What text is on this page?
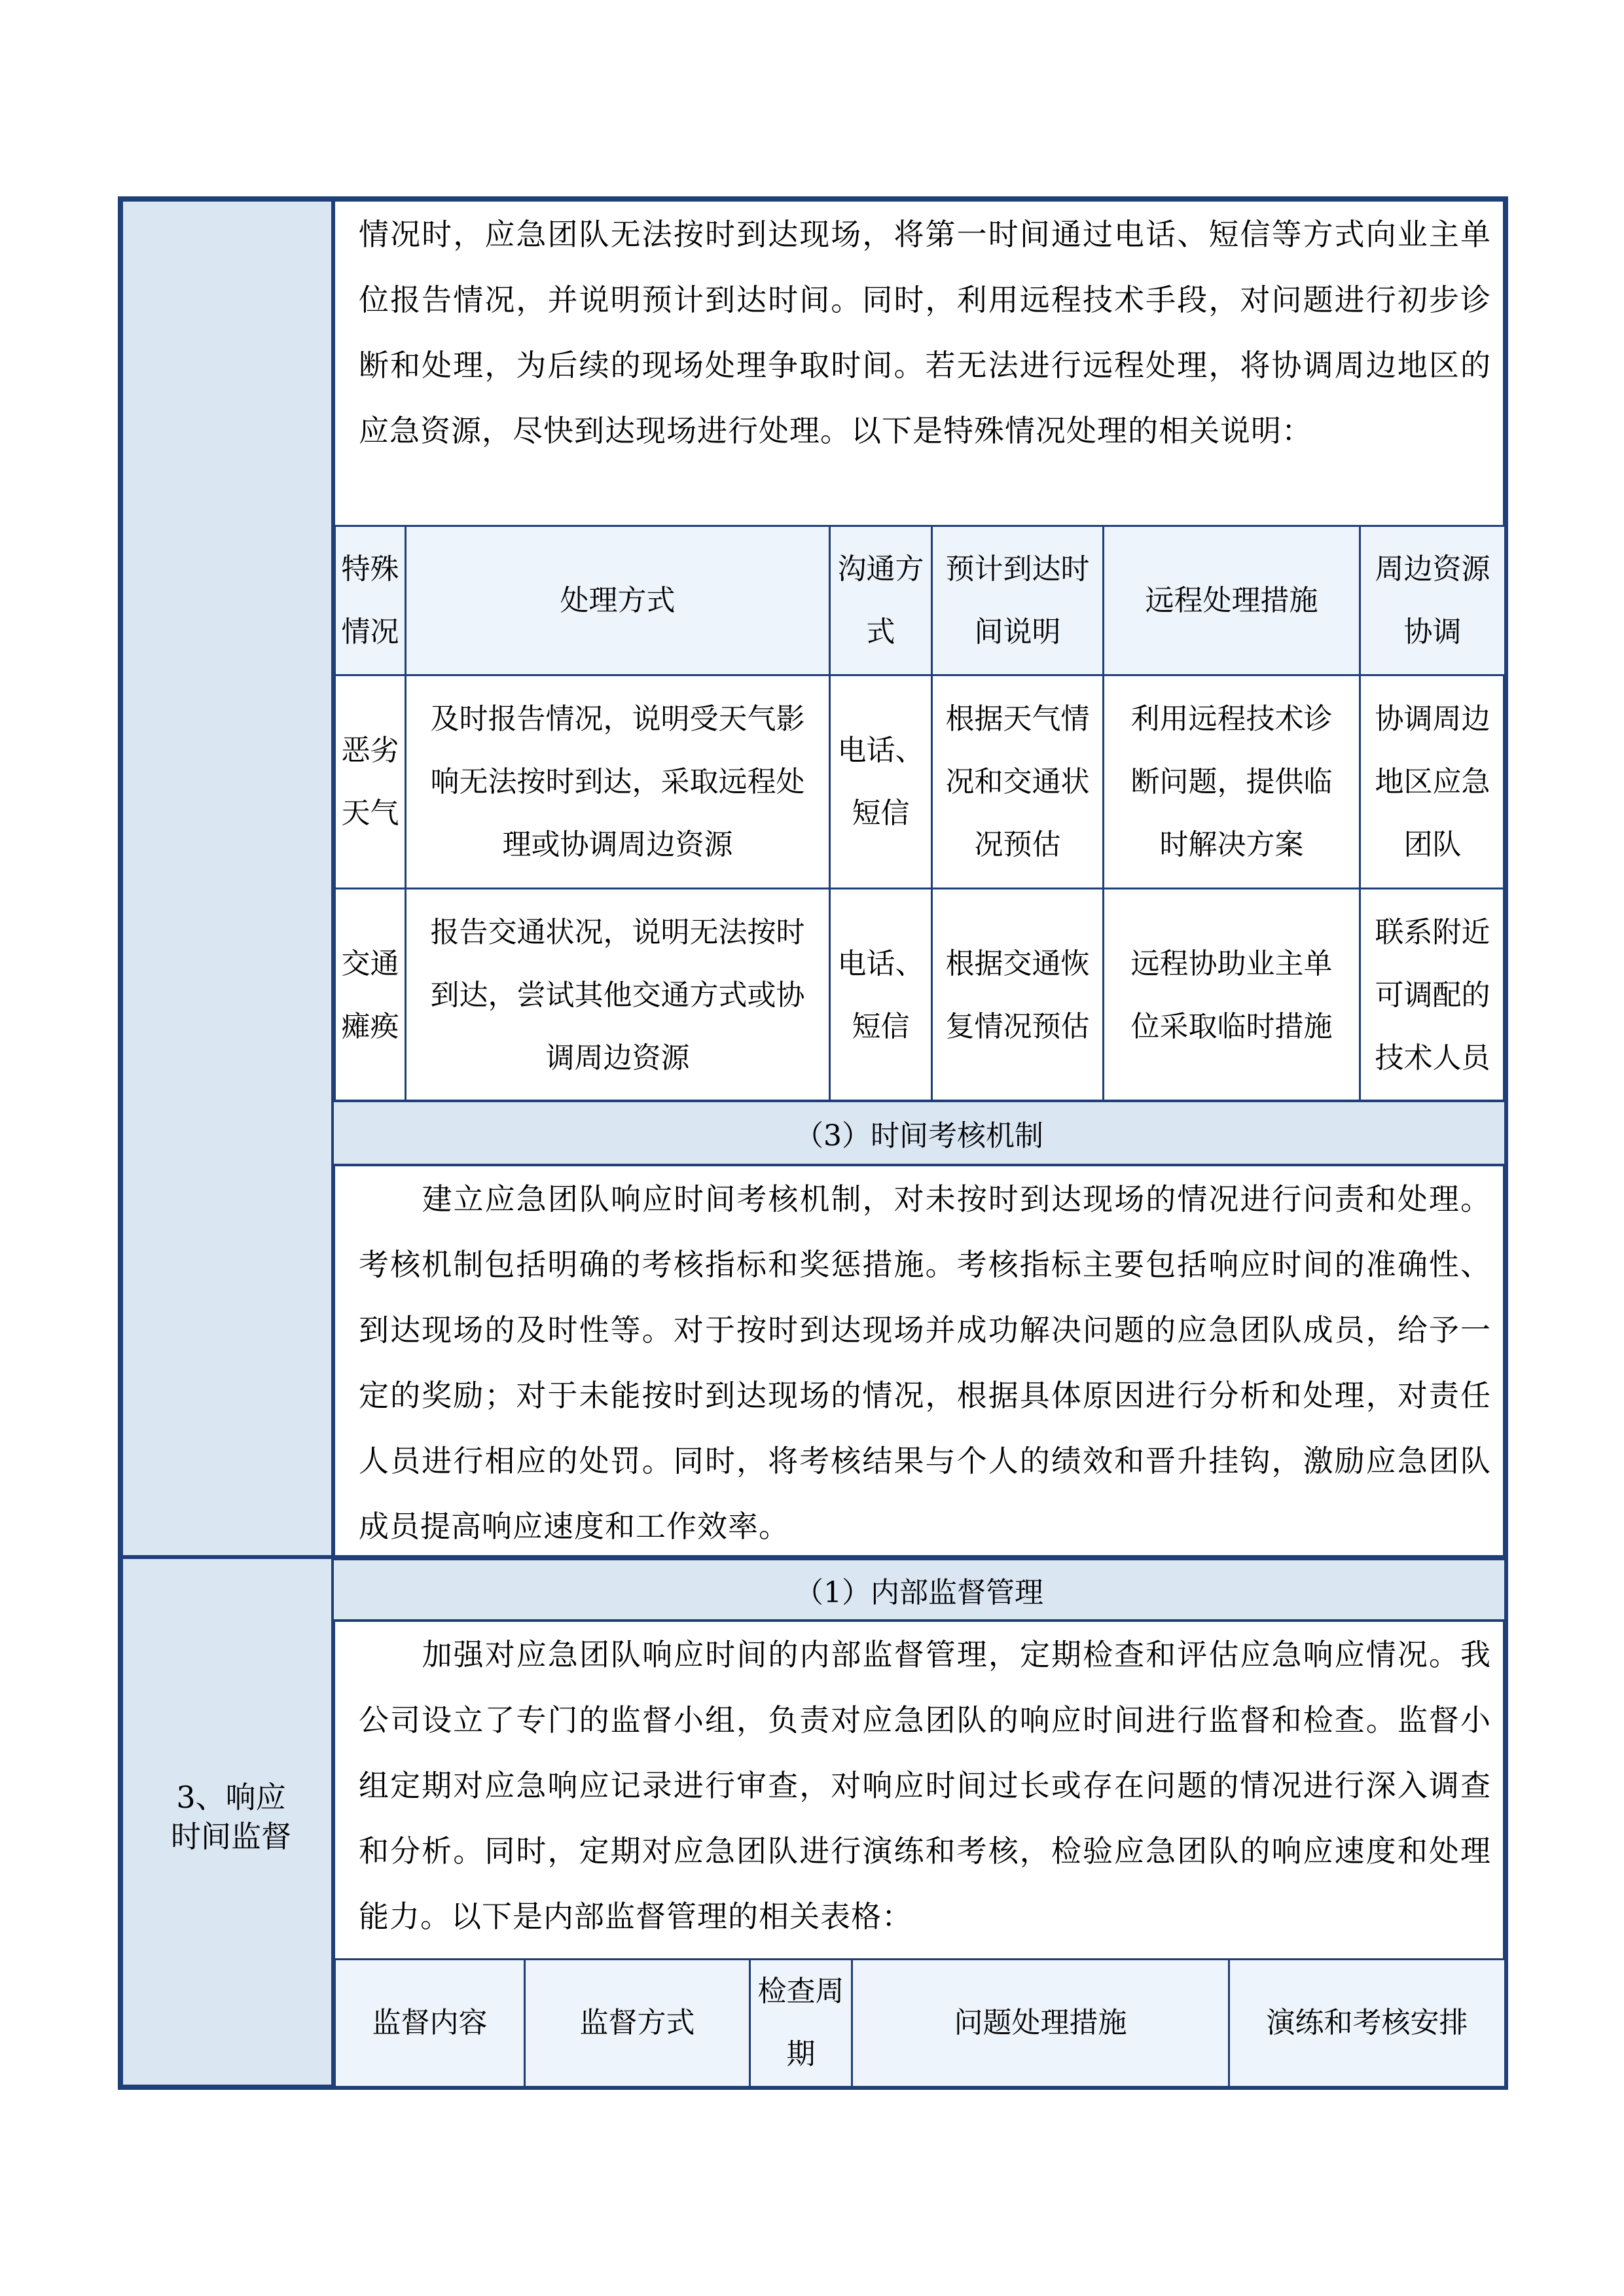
3、响应时间监督

情况时，应急团队无法按时到达现场，将第一时间通过电话、短信等方式向业主单位报告情况，并说明预计到达时间。同时，利用远程技术手段，对问题进行初步诊断和处理，为后续的现场处理争取时间。若无法进行远程处理，将协调周边地区的应急资源，尽快到达现场进行处理。以下是特殊情况处理的相关说明：

特殊情况	处理方式	沟通方式	预计到达时间说明	远程处理措施	周边资源协调
恶劣天气	及时报告情况，说明受天气影响无法按时到达，采取远程处理或协调周边资源	电话、短信	根据天气情况和交通状况预估	利用远程技术诊断问题，提供临时解决方案	协调周边地区应急团队
交通瘫痪	报告交通状况，说明无法按时到达，尝试其他交通方式或协调周边资源	电话、短信	根据交通恢复情况预估	远程协助业主单位采取临时措施	联系附近可调配的技术人员
（3）时间考核机制

建立应急团队响应时间考核机制，对未按时到达现场的情况进行问责和处理。考核机制包括明确的考核指标和奖惩措施。考核指标主要包括响应时间的准确性、到达现场的及时性等。对于按时到达现场并成功解决问题的应急团队成员，给予一定的奖励；对于未能按时到达现场的情况，根据具体原因进行分析和处理，对责任人员进行相应的处罚。同时，将考核结果与个人的绩效和晋升挂钩，激励应急团队成员提高响应速度和工作效率。

（1）内部监督管理

加强对应急团队响应时间的内部监督管理，定期检查和评估应急响应情况。我公司设立了专门的监督小组，负责对应急团队的响应时间进行监督和检查。监督小组定期对应急响应记录进行审查，对响应时间过长或存在问题的情况进行深入调查和分析。同时，定期对应急团队进行演练和考核，检验应急团队的响应速度和处理能力。以下是内部监督管理的相关表格：

监督内容	监督方式	检查周期	问题处理措施	演练和考核安排
